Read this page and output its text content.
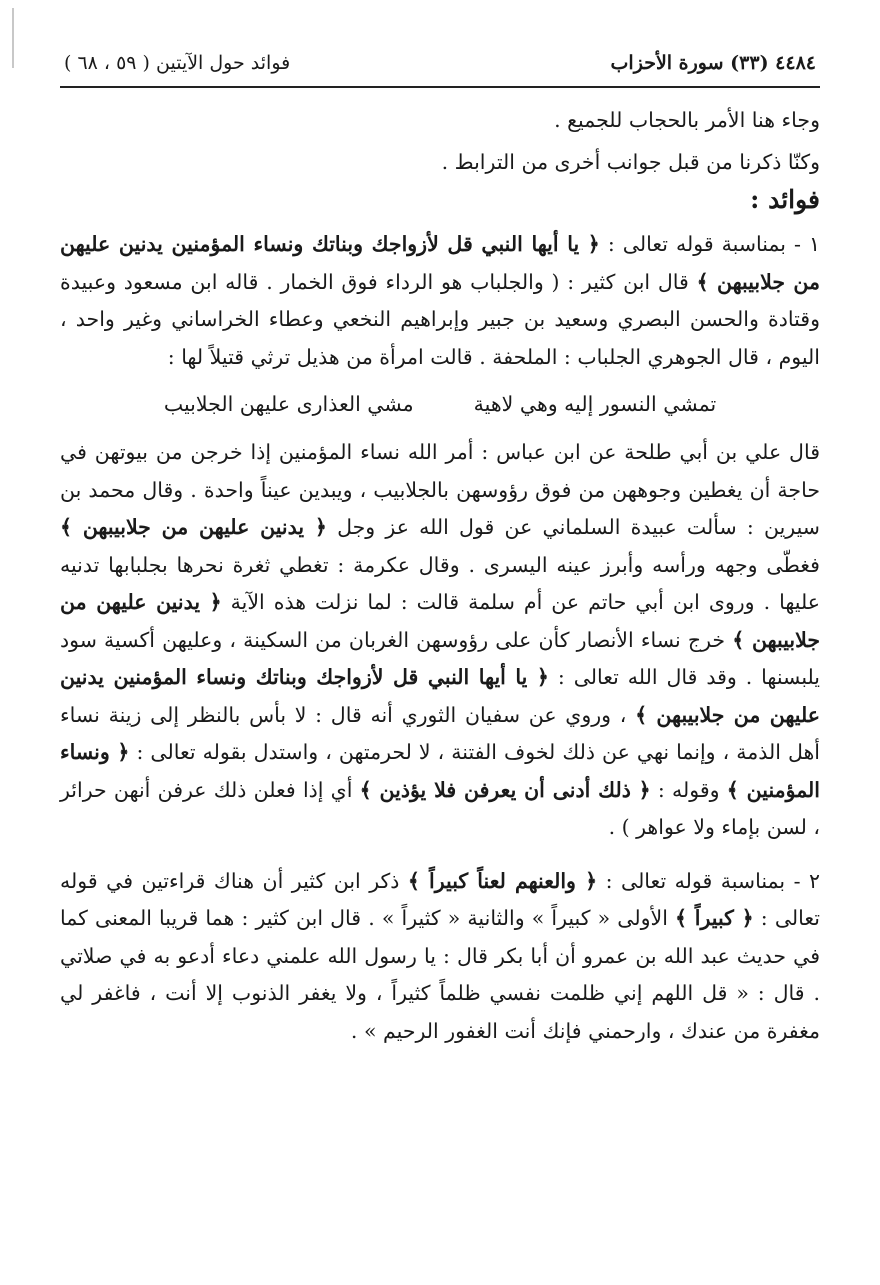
٤٤٨٤ (٣٣) سورة الأحزاب
فوائد حول الآيتين ( ٥٩ ، ٦٨ )

وجاء هنا الأمر بالحجاب للجميع .

وكنّا ذكرنا من قبل جوانب أخرى من الترابط .

فوائد :

١ - بمناسبة قوله تعالى : ﴿ يا أيها النبي قل لأزواجك وبناتك ونساء المؤمنين يدنين عليهن من جلابيبهن ﴾ قال ابن كثير : ( والجلباب هو الرداء فوق الخمار . قاله ابن مسعود وعبيدة وقتادة والحسن البصري وسعيد بن جبير وإبراهيم النخعي وعطاء الخراساني وغير واحد ، اليوم ، قال الجوهري الجلباب : الملحفة . قالت امرأة من هذيل ترثي قتيلاً لها :

تمشي النسور إليه وهي لاهية
مشي العذارى عليهن الجلابيب

قال علي بن أبي طلحة عن ابن عباس : أمر الله نساء المؤمنين إذا خرجن من بيوتهن في حاجة أن يغطين وجوههن من فوق رؤوسهن بالجلابيب ، ويبدين عيناً واحدة . وقال محمد بن سيرين : سألت عبيدة السلماني عن قول الله عز وجل ﴿ يدنين عليهن من جلابيبهن ﴾ فغطّى وجهه ورأسه وأبرز عينه اليسرى . وقال عكرمة : تغطي ثغرة نحرها بجلبابها تدنيه عليها . وروى ابن أبي حاتم عن أم سلمة قالت : لما نزلت هذه الآية ﴿ يدنين عليهن من جلابيبهن ﴾ خرج نساء الأنصار كأن على رؤوسهن الغربان من السكينة ، وعليهن أكسية سود يلبسنها . وقد قال الله تعالى : ﴿ يا أيها النبي قل لأزواجك وبناتك ونساء المؤمنين يدنين عليهن من جلابيبهن ﴾ ، وروي عن سفيان الثوري أنه قال : لا بأس بالنظر إلى زينة نساء أهل الذمة ، وإنما نهي عن ذلك لخوف الفتنة ، لا لحرمتهن ، واستدل بقوله تعالى : ﴿ ونساء المؤمنين ﴾ وقوله : ﴿ ذلك أدنى أن يعرفن فلا يؤذين ﴾ أي إذا فعلن ذلك عرفن أنهن حرائر ، لسن بإماء ولا عواهر ) .

٢ - بمناسبة قوله تعالى : ﴿ والعنهم لعناً كبيراً ﴾ ذكر ابن كثير أن هناك قراءتين في قوله تعالى : ﴿ كبيراً ﴾ الأولى « كبيراً » والثانية « كثيراً » . قال ابن كثير : هما قريبا المعنى كما في حديث عبد الله بن عمرو أن أبا بكر قال : يا رسول الله علمني دعاء أدعو به في صلاتي . قال : « قل اللهم إني ظلمت نفسي ظلماً كثيراً ، ولا يغفر الذنوب إلا أنت ، فاغفر لي مغفرة من عندك ، وارحمني فإنك أنت الغفور الرحيم » .
